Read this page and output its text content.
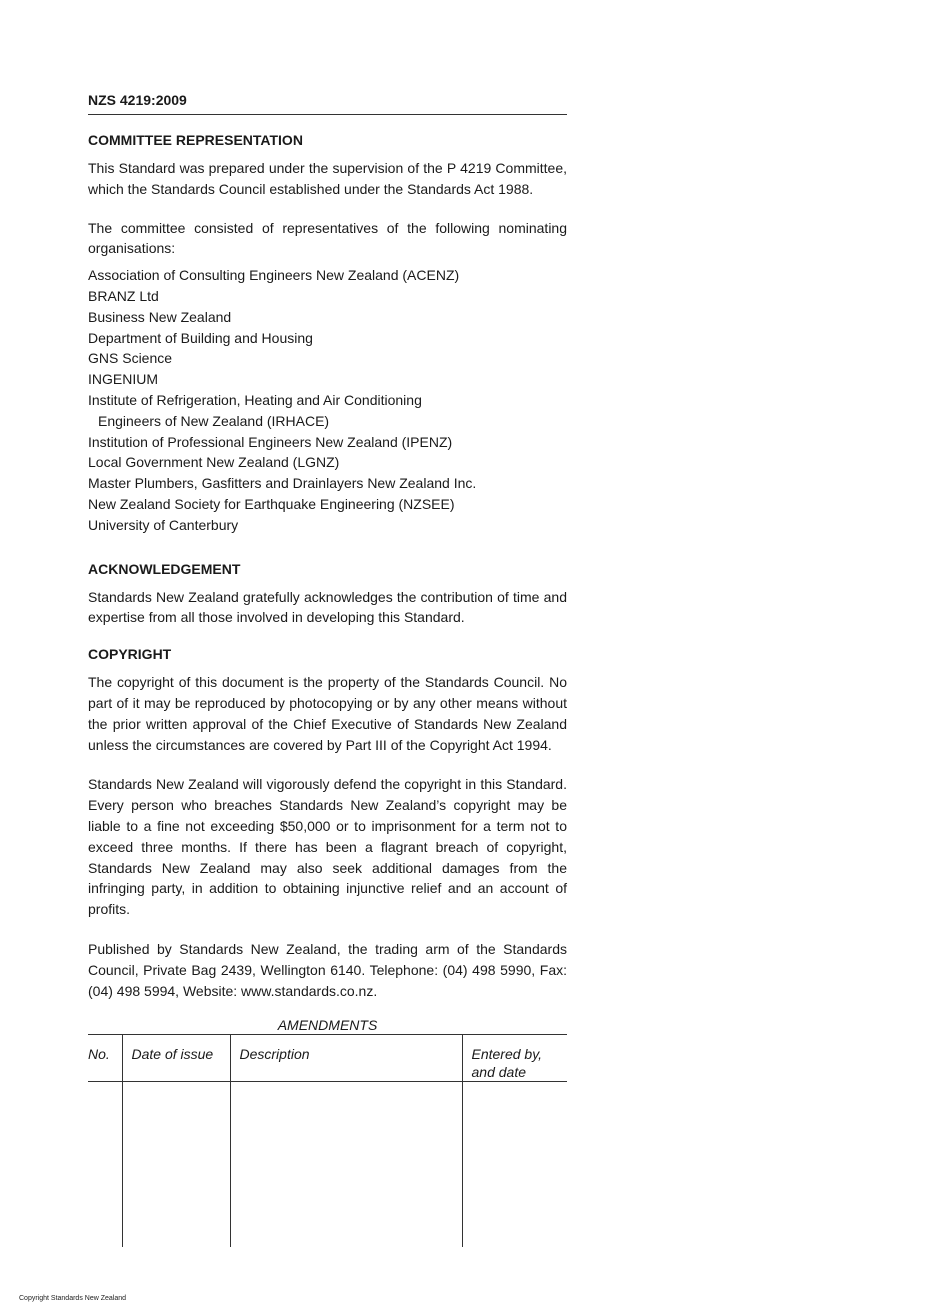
NZS 4219:2009
COMMITTEE REPRESENTATION

This Standard was prepared under the supervision of the P 4219 Committee, which the Standards Council established under the Standards Act 1988.

The committee consisted of representatives of the following nominating organisations:

Association of Consulting Engineers New Zealand (ACENZ)
BRANZ Ltd
Business New Zealand
Department of Building and Housing
GNS Science
INGENIUM
Institute of Refrigeration, Heating and Air Conditioning Engineers of New Zealand (IRHACE)
Institution of Professional Engineers New Zealand (IPENZ)
Local Government New Zealand (LGNZ)
Master Plumbers, Gasfitters and Drainlayers New Zealand Inc.
New Zealand Society for Earthquake Engineering (NZSEE)
University of Canterbury
ACKNOWLEDGEMENT

Standards New Zealand gratefully acknowledges the contribution of time and expertise from all those involved in developing this Standard.

COPYRIGHT

The copyright of this document is the property of the Standards Council. No part of it may be reproduced by photocopying or by any other means without the prior written approval of the Chief Executive of Standards New Zealand unless the circumstances are covered by Part III of the Copyright Act 1994.

Standards New Zealand will vigorously defend the copyright in this Standard. Every person who breaches Standards New Zealand’s copyright may be liable to a fine not exceeding $50,000 or to imprisonment for a term not to exceed three months. If there has been a flagrant breach of copyright, Standards New Zealand may also seek additional damages from the infringing party, in addition to obtaining injunctive relief and an account of profits.

Published by Standards New Zealand, the trading arm of the Standards Council, Private Bag 2439, Wellington 6140. Telephone: (04) 498 5990, Fax: (04) 498 5994, Website: www.standards.co.nz.

AMENDMENTS
No.	Date of issue	Description	Entered by, and date

Copyright Standards New Zealand
